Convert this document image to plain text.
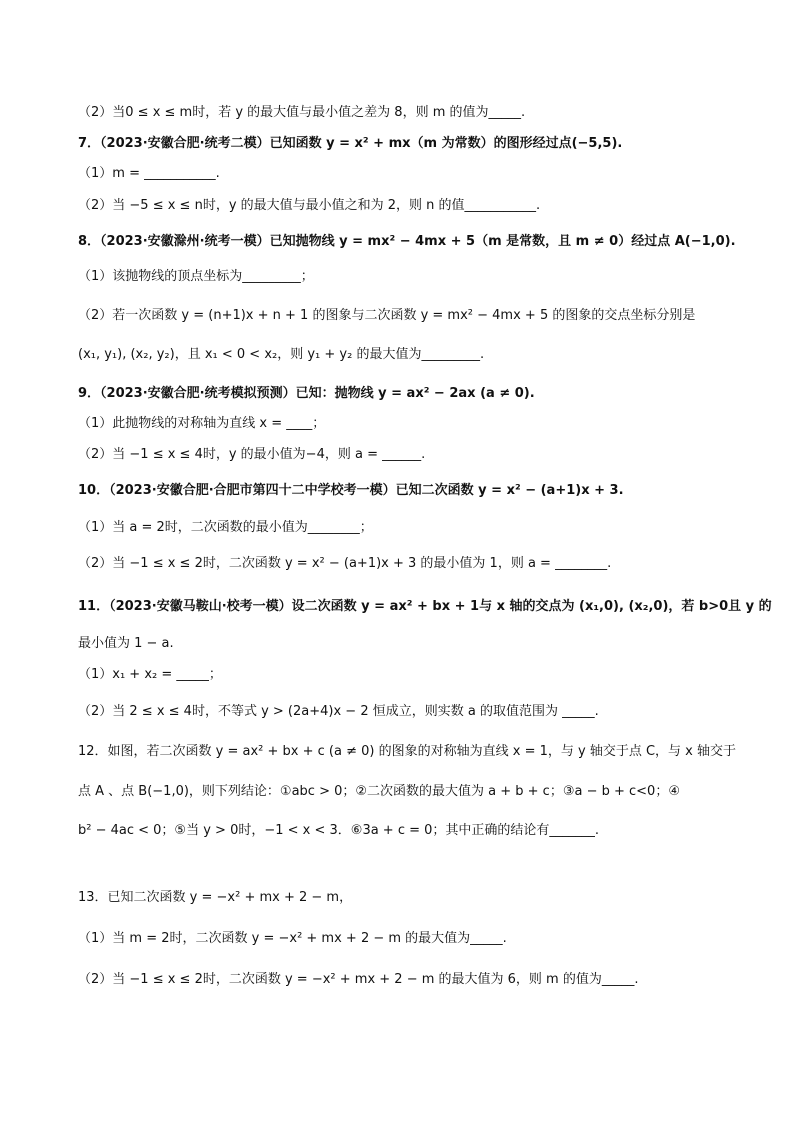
（2）当0 ≤ x ≤ m时，若 y 的最大值与最小值之差为 8，则 m 的值为_____.
7．（2023·安徽合肥·统考二模）已知函数 y = x² + mx（m 为常数）的图形经过点(−5,5).
（1）m = ___________.
（2）当 −5 ≤ x ≤ n时，y 的最大值与最小值之和为 2，则 n 的值___________.
8．（2023·安徽滁州·统考一模）已知抛物线 y = mx² − 4mx + 5（m 是常数，且 m ≠ 0）经过点 A(−1,0).
（1）该抛物线的顶点坐标为_________；
（2）若一次函数 y = (n+1)x + n + 1 的图象与二次函数 y = mx² − 4mx + 5 的图象的交点坐标分别是
(x₁, y₁), (x₂, y₂)，且 x₁ < 0 < x₂，则 y₁ + y₂ 的最大值为_________.
9．（2023·安徽合肥·统考模拟预测）已知：抛物线 y = ax² − 2ax (a ≠ 0).
（1）此抛物线的对称轴为直线 x = ____；
（2）当 −1 ≤ x ≤ 4时，y 的最小值为−4，则 a = ______.
10．（2023·安徽合肥·合肥市第四十二中学校考一模）已知二次函数 y = x² − (a+1)x + 3.
（1）当 a = 2时，二次函数的最小值为________；
（2）当 −1 ≤ x ≤ 2时，二次函数 y = x² − (a+1)x + 3 的最小值为 1，则 a = ________.
11．（2023·安徽马鞍山·校考一模）设二次函数 y = ax² + bx + 1与 x 轴的交点为 (x₁,0), (x₂,0)，若 b>0且 y 的
最小值为 1 − a.
（1）x₁ + x₂ = _____；
（2）当 2 ≤ x ≤ 4时，不等式 y > (2a+4)x − 2 恒成立，则实数 a 的取值范围为 _____.
12．如图，若二次函数 y = ax² + bx + c (a ≠ 0) 的图象的对称轴为直线 x = 1，与 y 轴交于点 C，与 x 轴交于
点 A 、点 B(−1,0)，则下列结论：①abc > 0；②二次函数的最大值为 a + b + c；③a − b + c<0；④
b² − 4ac < 0；⑤当 y > 0时，−1 < x < 3．⑥3a + c = 0；其中正确的结论有_______.
13．已知二次函数 y = −x² + mx + 2 − m，
（1）当 m = 2时，二次函数 y = −x² + mx + 2 − m 的最大值为_____.
（2）当 −1 ≤ x ≤ 2时，二次函数 y = −x² + mx + 2 − m 的最大值为 6，则 m 的值为_____.
